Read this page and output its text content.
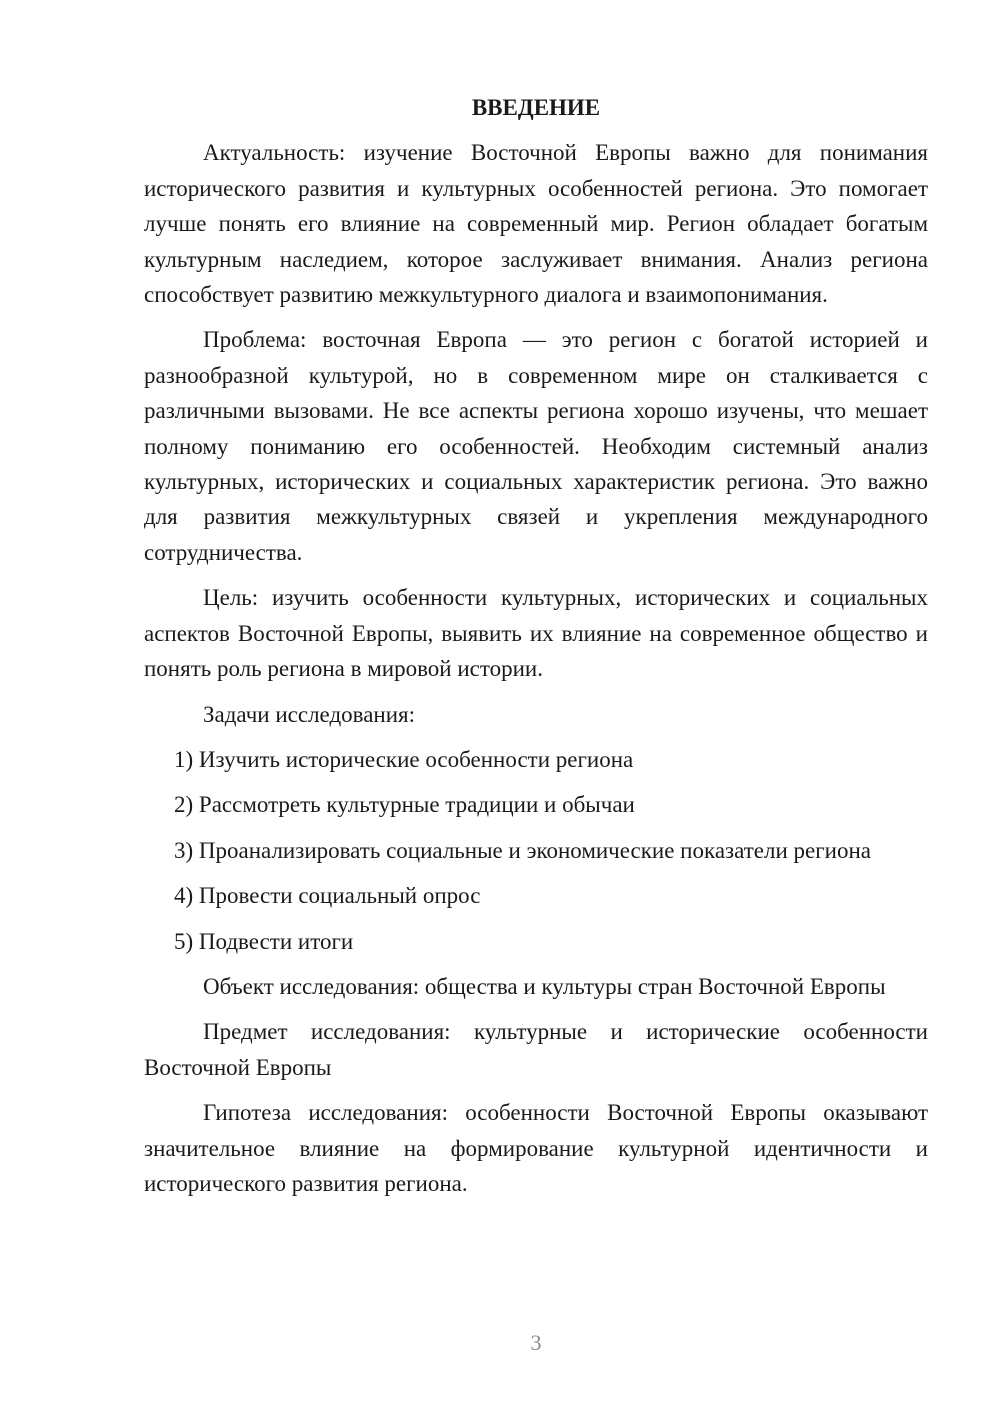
ВВЕДЕНИЕ

Актуальность: изучение Восточной Европы важно для понимания исторического развития и культурных особенностей региона. Это помогает лучше понять его влияние на современный мир. Регион обладает богатым культурным наследием, которое заслуживает внимания. Анализ региона способствует развитию межкультурного диалога и взаимопонимания.

Проблема: восточная Европа — это регион с богатой историей и разнообразной культурой, но в современном мире он сталкивается с различными вызовами. Не все аспекты региона хорошо изучены, что мешает полному пониманию его особенностей. Необходим системный анализ культурных, исторических и социальных характеристик региона. Это важно для развития межкультурных связей и укрепления международного сотрудничества.

Цель: изучить особенности культурных, исторических и социальных аспектов Восточной Европы, выявить их влияние на современное общество и понять роль региона в мировой истории.

Задачи исследования:

1) Изучить исторические особенности региона

2) Рассмотреть культурные традиции и обычаи

3) Проанализировать социальные и экономические показатели региона

4) Провести социальный опрос

5) Подвести итоги

Объект исследования: общества и культуры стран Восточной Европы

Предмет исследования: культурные и исторические особенности Восточной Европы

Гипотеза исследования: особенности Восточной Европы оказывают значительное влияние на формирование культурной идентичности и исторического развития региона.

3
